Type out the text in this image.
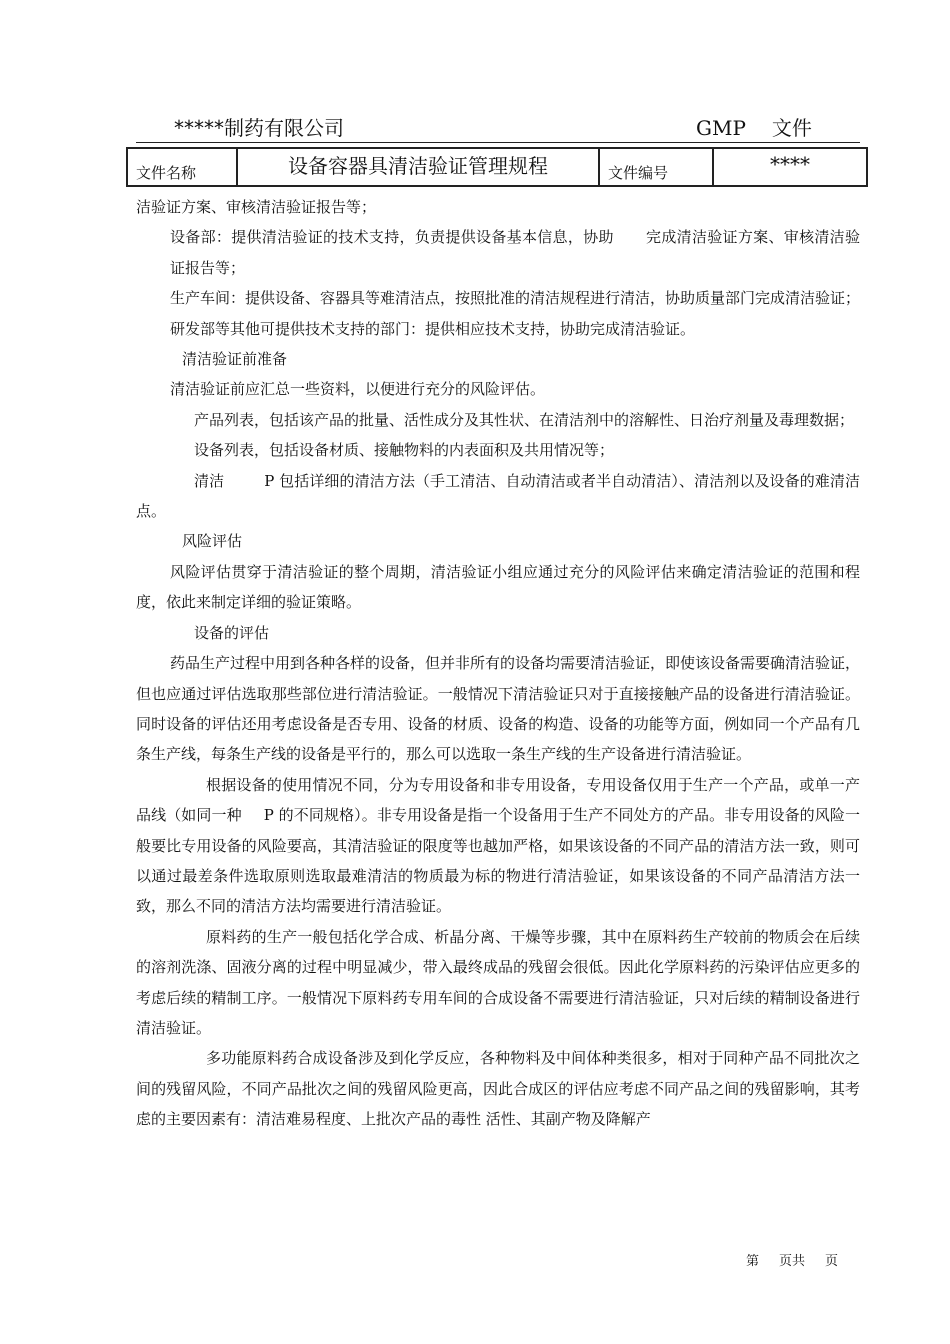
*****制药有限公司	GMP 文件
文件名称	设备容器具清洁验证管理规程	文件编号	****

洁验证方案、审核清洁验证报告等；

设备部：提供清洁验证的技术支持，负责提供设备基本信息，协助 完成清洁验证方案、审核清洁验证报告等；

生产车间：提供设备、容器具等难清洁点，按照批准的清洁规程进行清洁，协助质量部门完成清洁验证；

研发部等其他可提供技术支持的部门：提供相应技术支持，协助完成清洁验证。

清洁验证前准备

清洁验证前应汇总一些资料，以便进行充分的风险评估。

产品列表，包括该产品的批量、活性成分及其性状、在清洁剂中的溶解性、日治疗剂量及毒理数据；

设备列表，包括设备材质、接触物料的内表面积及共用情况等；

清洁	P 包括详细的清洁方法（手工清洁、自动清洁或者半自动清洁）、清洁剂以及设备的难清洁点。

风险评估

风险评估贯穿于清洁验证的整个周期，清洁验证小组应通过充分的风险评估来确定清洁验证的范围和程度，依此来制定详细的验证策略。

设备的评估

药品生产过程中用到各种各样的设备，但并非所有的设备均需要清洁验证，即使该设备需要确清洁验证，但也应通过评估选取那些部位进行清洁验证。一般情况下清洁验证只对于直接接触产品的设备进行清洁验证。同时设备的评估还用考虑设备是否专用、设备的材质、设备的构造、设备的功能等方面，例如同一个产品有几条生产线，每条生产线的设备是平行的，那么可以选取一条生产线的生产设备进行清洁验证。

根据设备的使用情况不同，分为专用设备和非专用设备，专用设备仅用于生产一个产品，或单一产品线（如同一种 P 的不同规格）。非专用设备是指一个设备用于生产不同处方的产品。非专用设备的风险一般要比专用设备的风险要高，其清洁验证的限度等也越加严格，如果该设备的不同产品的清洁方法一致，则可以通过最差条件选取原则选取最难清洁的物质最为标的物进行清洁验证，如果该设备的不同产品清洁方法一致，那么不同的清洁方法均需要进行清洁验证。

原料药的生产一般包括化学合成、析晶分离、干燥等步骤，其中在原料药生产较前的物质会在后续的溶剂洗涤、固液分离的过程中明显减少，带入最终成品的残留会很低。因此化学原料药的污染评估应更多的考虑后续的精制工序。一般情况下原料药专用车间的合成设备不需要进行清洁验证，只对后续的精制设备进行清洁验证。

多功能原料药合成设备涉及到化学反应，各种物料及中间体种类很多，相对于同种产品不同批次之间的残留风险，不同产品批次之间的残留风险更高，因此合成区的评估应考虑不同产品之间的残留影响，其考虑的主要因素有：清洁难易程度、上批次产品的毒性 活性、其副产物及降解产

第 页共 页
